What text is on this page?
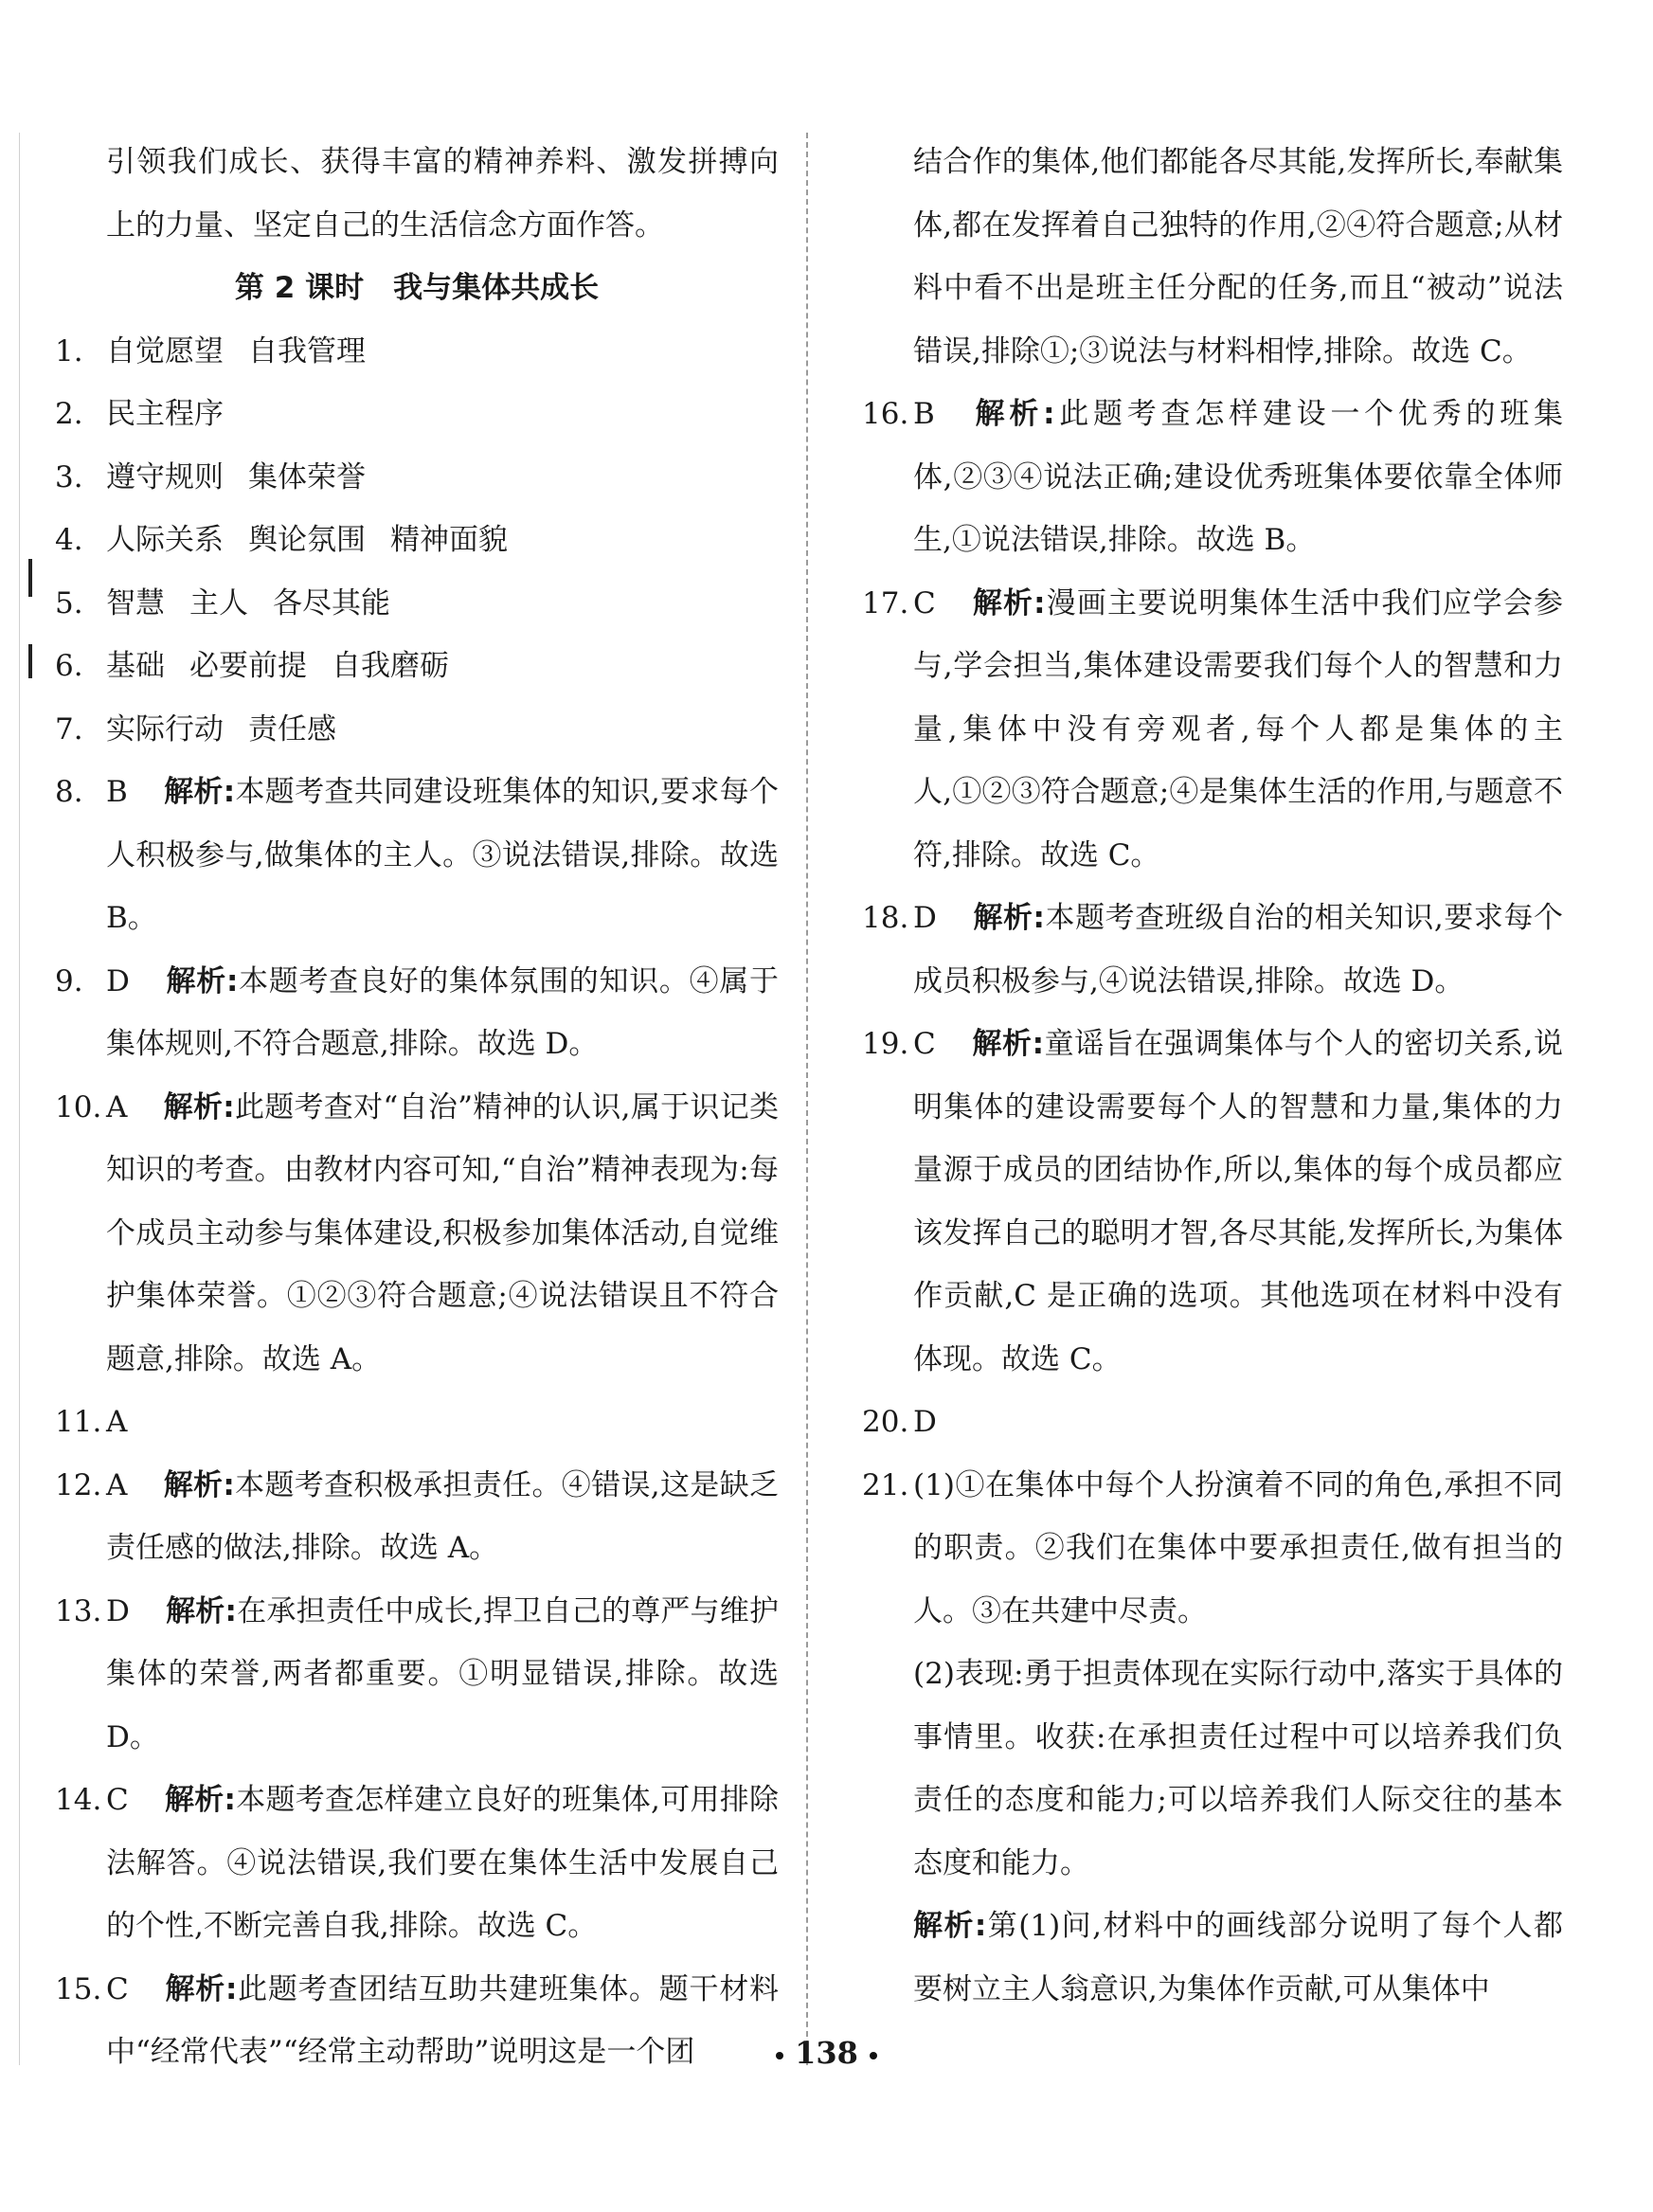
引领我们成长、获得丰富的精神养料、激发拼搏向上的力量、坚定自己的生活信念方面作答。

第 2 课时　我与集体共成长

1. 自觉愿望 自我管理

2. 民主程序

3. 遵守规则 集体荣誉

4. 人际关系 舆论氛围 精神面貌

5. 智慧 主人 各尽其能

6. 基础 必要前提 自我磨砺

7. 实际行动 责任感

8. B 解析:本题考查共同建设班集体的知识,要求每个人积极参与,做集体的主人。③说法错误,排除。故选 B。

9. D 解析:本题考查良好的集体氛围的知识。④属于集体规则,不符合题意,排除。故选 D。

10. A 解析:此题考查对“自治”精神的认识,属于识记类知识的考查。由教材内容可知,“自治”精神表现为:每个成员主动参与集体建设,积极参加集体活动,自觉维护集体荣誉。①②③符合题意;④说法错误且不符合题意,排除。故选 A。

11. A

12. A 解析:本题考查积极承担责任。④错误,这是缺乏责任感的做法,排除。故选 A。

13. D 解析:在承担责任中成长,捍卫自己的尊严与维护集体的荣誉,两者都重要。①明显错误,排除。故选 D。

14. C 解析:本题考查怎样建立良好的班集体,可用排除法解答。④说法错误,我们要在集体生活中发展自己的个性,不断完善自我,排除。故选 C。

15. C 解析:此题考查团结互助共建班集体。题干材料中“经常代表”“经常主动帮助”说明这是一个团

结合作的集体,他们都能各尽其能,发挥所长,奉献集体,都在发挥着自己独特的作用,②④符合题意;从材料中看不出是班主任分配的任务,而且“被动”说法错误,排除①;③说法与材料相悖,排除。故选 C。

16. B 解析:此题考查怎样建设一个优秀的班集体,②③④说法正确;建设优秀班集体要依靠全体师生,①说法错误,排除。故选 B。

17. C 解析:漫画主要说明集体生活中我们应学会参与,学会担当,集体建设需要我们每个人的智慧和力量,集体中没有旁观者,每个人都是集体的主人,①②③符合题意;④是集体生活的作用,与题意不符,排除。故选 C。

18. D 解析:本题考查班级自治的相关知识,要求每个成员积极参与,④说法错误,排除。故选 D。

19. C 解析:童谣旨在强调集体与个人的密切关系,说明集体的建设需要每个人的智慧和力量,集体的力量源于成员的团结协作,所以,集体的每个成员都应该发挥自己的聪明才智,各尽其能,发挥所长,为集体作贡献,C 是正确的选项。其他选项在材料中没有体现。故选 C。

20. D

21. (1)①在集体中每个人扮演着不同的角色,承担不同的职责。②我们在集体中要承担责任,做有担当的人。③在共建中尽责。

(2)表现:勇于担责体现在实际行动中,落实于具体的事情里。收获:在承担责任过程中可以培养我们负责任的态度和能力;可以培养我们人际交往的基本态度和能力。

解析:第(1)问,材料中的画线部分说明了每个人都要树立主人翁意识,为集体作贡献,可从集体中

138
